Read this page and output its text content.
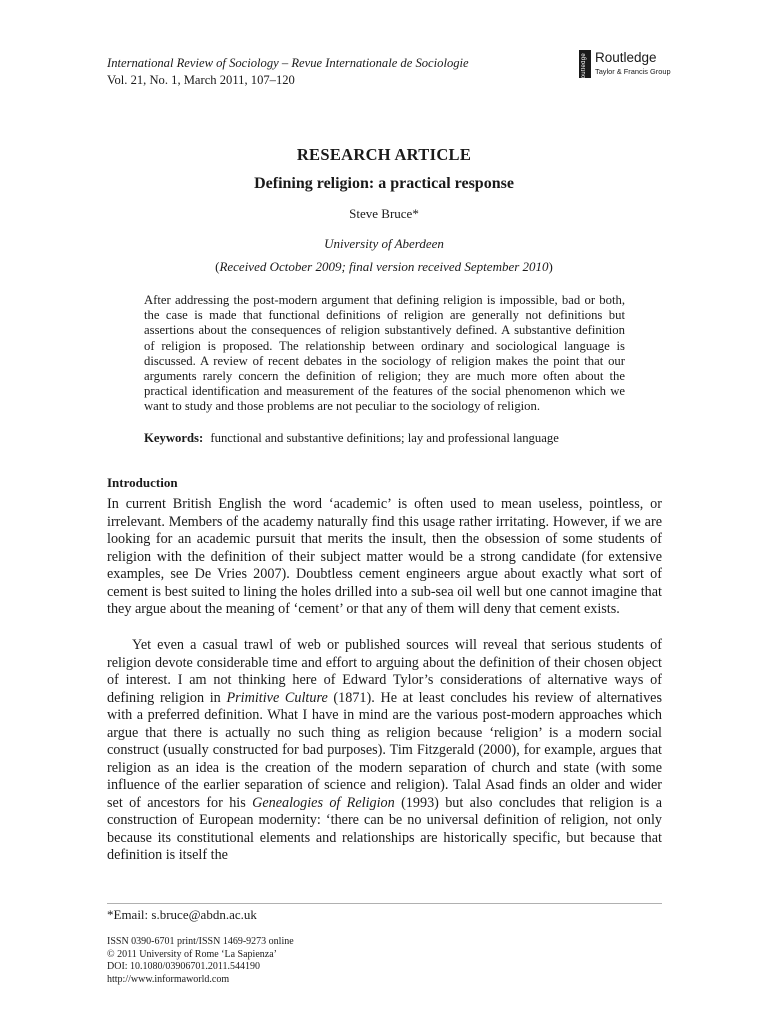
International Review of Sociology – Revue Internationale de Sociologie
Vol. 21, No. 1, March 2011, 107–120	Routledge Routledge
Taylor & Francis Group
RESEARCH ARTICLE
Defining religion: a practical response
Steve Bruce*
University of Aberdeen
(Received October 2009; final version received September 2010)
After addressing the post-modern argument that defining religion is impossible, bad or both, the case is made that functional definitions of religion are generally not definitions but assertions about the consequences of religion substantively defined. A substantive definition of religion is proposed. The relationship between ordinary and sociological language is discussed. A review of recent debates in the sociology of religion makes the point that our arguments rarely concern the definition of religion; they are much more often about the practical identification and measurement of the features of the social phenomenon which we want to study and those problems are not peculiar to the sociology of religion.
Keywords: functional and substantive definitions; lay and professional language
Introduction
In current British English the word ‘academic’ is often used to mean useless, pointless, or irrelevant. Members of the academy naturally find this usage rather irritating. However, if we are looking for an academic pursuit that merits the insult, then the obsession of some students of religion with the definition of their subject matter would be a strong candidate (for extensive examples, see De Vries 2007). Doubtless cement engineers argue about exactly what sort of cement is best suited to lining the holes drilled into a sub-sea oil well but one cannot imagine that they argue about the meaning of ‘cement’ or that any of them will deny that cement exists.
Yet even a casual trawl of web or published sources will reveal that serious students of religion devote considerable time and effort to arguing about the definition of their chosen object of interest. I am not thinking here of Edward Tylor’s considerations of alternative ways of defining religion in Primitive Culture (1871). He at least concludes his review of alternatives with a preferred definition. What I have in mind are the various post-modern approaches which argue that there is actually no such thing as religion because ‘religion’ is a modern social construct (usually constructed for bad purposes). Tim Fitzgerald (2000), for example, argues that religion as an idea is the creation of the modern separation of church and state (with some influence of the earlier separation of science and religion). Talal Asad finds an older and wider set of ancestors for his Genealogies of Religion (1993) but also concludes that religion is a construction of European modernity: ‘there can be no universal definition of religion, not only because its constitutional elements and relationships are historically specific, but because that definition is itself the
*Email: s.bruce@abdn.ac.uk
ISSN 0390-6701 print/ISSN 1469-9273 online
© 2011 University of Rome ‘La Sapienza’
DOI: 10.1080/03906701.2011.544190
http://www.informaworld.com
